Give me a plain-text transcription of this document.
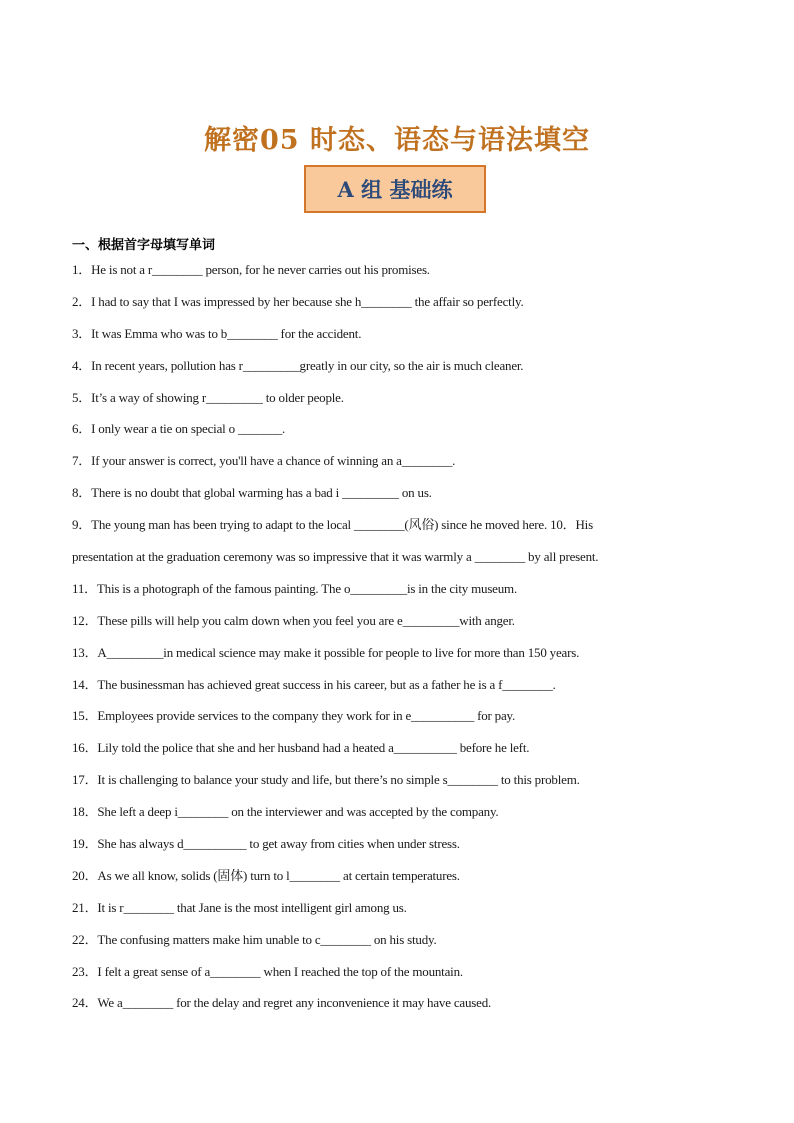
解密05 时态、语态与语法填空
A 组 基础练
一、根据首字母填写单词
1．He is not a r________ person, for he never carries out his promises.
2．I had to say that I was impressed by her because she h________ the affair so perfectly.
3．It was Emma who was to b________ for the accident.
4．In recent years, pollution has r_________greatly in our city, so the air is much cleaner.
5．It’s a way of showing r_________ to older people.
6．I only wear a tie on special o _______.
7．If your answer is correct, you'll have a chance of winning an a________.
8．There is no doubt that global warming has a bad i _________ on us.
9．The young man has been trying to adapt to the local ________(风俗) since he moved here. 10．His
presentation at the graduation ceremony was so impressive that it was warmly a ________ by all present.
11．This is a photograph of the famous painting. The o_________is in the city museum.
12．These pills will help you calm down when you feel you are e_________with anger.
13．A_________in medical science may make it possible for people to live for more than 150 years.
14．The businessman has achieved great success in his career, but as a father he is a f________.
15．Employees provide services to the company they work for in e__________ for pay.
16．Lily told the police that she and her husband had a heated a__________ before he left.
17．It is challenging to balance your study and life, but there’s no simple s________ to this problem.
18．She left a deep i________ on the interviewer and was accepted by the company.
19．She has always d__________ to get away from cities when under stress.
20．As we all know, solids (固体) turn to l________ at certain temperatures.
21．It is r________ that Jane is the most intelligent girl among us.
22．The confusing matters make him unable to c________ on his study.
23．I felt a great sense of a________ when I reached the top of the mountain.
24．We a________ for the delay and regret any inconvenience it may have caused.
